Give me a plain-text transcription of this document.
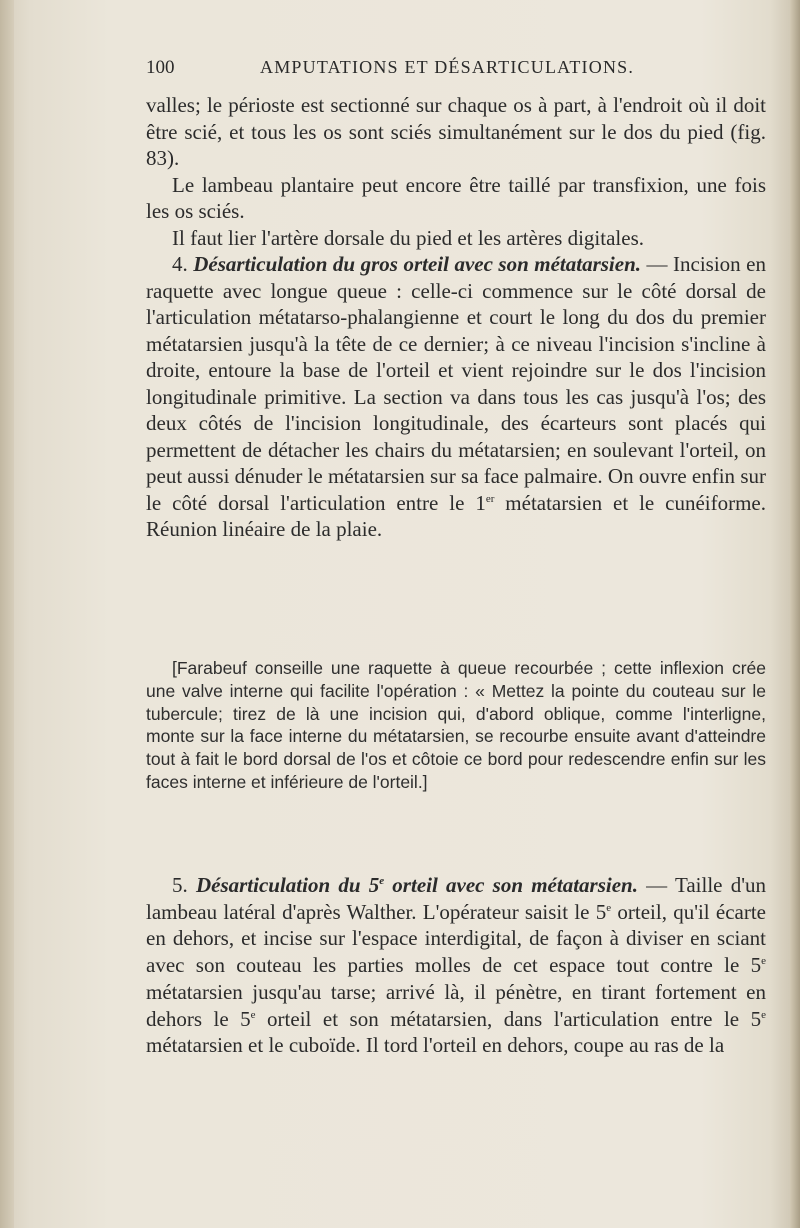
100	AMPUTATIONS ET DÉSARTICULATIONS.

valles; le périoste est sectionné sur chaque os à part, à l'endroit où il doit être scié, et tous les os sont sciés simultanément sur le dos du pied (fig. 83).

Le lambeau plantaire peut encore être taillé par transfixion, une fois les os sciés.

Il faut lier l'artère dorsale du pied et les artères digitales.

4. Désarticulation du gros orteil avec son métatarsien. — Incision en raquette avec longue queue : celle-ci commence sur le côté dorsal de l'articulation métatarso-phalangienne et court le long du dos du premier métatarsien jusqu'à la tête de ce dernier; à ce niveau l'incision s'incline à droite, entoure la base de l'orteil et vient rejoindre sur le dos l'incision longitudinale primitive. La section va dans tous les cas jusqu'à l'os; des deux côtés de l'incision longitudinale, des écarteurs sont placés qui permettent de détacher les chairs du métatarsien; en soulevant l'orteil, on peut aussi dénuder le métatarsien sur sa face palmaire. On ouvre enfin sur le côté dorsal l'articulation entre le 1er métatarsien et le cunéiforme. Réunion linéaire de la plaie.

[Farabeuf conseille une raquette à queue recourbée ; cette inflexion crée une valve interne qui facilite l'opération : « Mettez la pointe du couteau sur le tubercule; tirez de là une incision qui, d'abord oblique, comme l'interligne, monte sur la face interne du métatarsien, se recourbe ensuite avant d'atteindre tout à fait le bord dorsal de l'os et côtoie ce bord pour redescendre enfin sur les faces interne et inférieure de l'orteil.]

5. Désarticulation du 5e orteil avec son métatarsien. — Taille d'un lambeau latéral d'après Walther. L'opérateur saisit le 5e orteil, qu'il écarte en dehors, et incise sur l'espace interdigital, de façon à diviser en sciant avec son couteau les parties molles de cet espace tout contre le 5e métatarsien jusqu'au tarse; arrivé là, il pénètre, en tirant fortement en dehors le 5e orteil et son métatarsien, dans l'articulation entre le 5e métatarsien et le cuboïde. Il tord l'orteil en dehors, coupe au ras de la
